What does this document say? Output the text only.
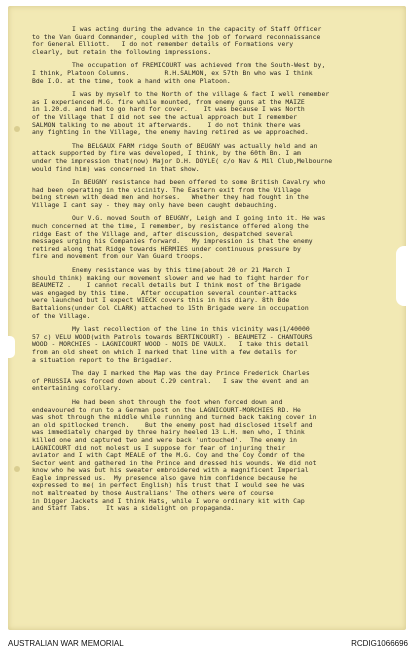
I was acting during the advance in the capacity of Staff Officer
to the Van Guard Commander, coupled with the job of forward reconnaissance
for General Elliott.   I do not remember details of Formations very
clearly, but retain the following impressions.
The occupation of FREMICOURT was achieved from the South-West by,
I think, Platoon Columns.         R.H.SALMON, ex 57th Bn who was I think
Bde I.O. at the time, took a hand with one Platoon.
I was by myself to the North of the village & fact I well remember
as I experienced M.G. fire while mounted, from enemy guns at the MAIZE
in 1.20.d. and had to go hard for cover.    It was because I was North
of the Village that I did not see the actual approach but I remember
SALMON talking to me about it afterwards.    I do not think there was
any fighting in the Village, the enemy having retired as we approached.
The BELGAUX FARM ridge South of BEUGNY was actually held and an
attack supported by fire was developed, I think, by the 60th Bn. I am
under the impression that(now) Major D.H. DOYLE( c/o Nav & Mil Club,Melbourne
would find him) was concerned in that show.
In BEUGNY resistance had been offered to some British Cavalry who
had been operating in the vicinity. The Eastern exit from the Village
being strewn with dead men and horses.   Whether they had fought in the
Village I cant say - they may only have been caught debauching.
Our V.G. moved South of BEUGNY, Leigh and I going into it. He was
much concerned at the time, I remember, by resistance offered along the
ridge East of the Village and, after discussion, despatched several
messages urging his Companies forward.   My impression is that the enemy
retired along that Ridge towards HERMIES under continuous pressure by
fire and movement from our Van Guard troops.
Enemy resistance was by this time(about 20 or 21 March I
should think) making our movement slower and we had to fight harder for
BEAUMETZ .    I cannot recall details but I think most of the Brigade
was engaged by this time.   After occupation several counter-attacks
were launched but I expect WIECK covers this in his diary. 8th Bde
Battalions(under Col CLARK) attached to 15th Brigade were in occupation
of the Village.
My last recollection of the line in this vicinity was(1/40000
57 c) VELU WOOD(with Patrols towards BERTINCOURT) - BEAUMETZ - CHANTOURS
WOOD - MORCHIES - LAGNICOURT WOOD - NOIS DE VAULX.   I take this detail
from an old sheet on which I marked that line with a few details for
a situation report to the Brigadier.
The day I marked the Map was the day Prince Frederick Charles
of PRUSSIA was forced down about C.29 central.   I saw the event and an
entertaining corollary.
He had been shot through the foot when forced down and
endeavoured to run to a German post on the LAGNICOURT-MORCHIES RD. He
was shot through the middle while running and turned back taking cover in
an old spitlocked trench.    But the enemy post had disclosed itself and
was immediately charged by three hairy heeled 13 L.H. men who, I think
killed one and captured two and were back 'untouched'.  The enemy in
LAGNICOURT did not molest us I suppose for fear of injuring their
aviator and I with Capt MEALE of the M.G. Coy and the Coy Comdr of the
Sector went and gathered in the Prince and dressed his wounds. We did not
know who he was but his sweater embroidered with a magnificent Imperial
Eagle impressed us.  My presence also gave him confidence because he
expressed to me( in perfect English) his trust that I would see he was
not maltreated by those Australians' The others were of course
in Digger Jackets and I think Hats, while I wore ordinary kit with Cap
and Staff Tabs.    It was a sidelight on propaganda.
AUSTRALIAN WAR MEMORIAL	RCDIG1066696
